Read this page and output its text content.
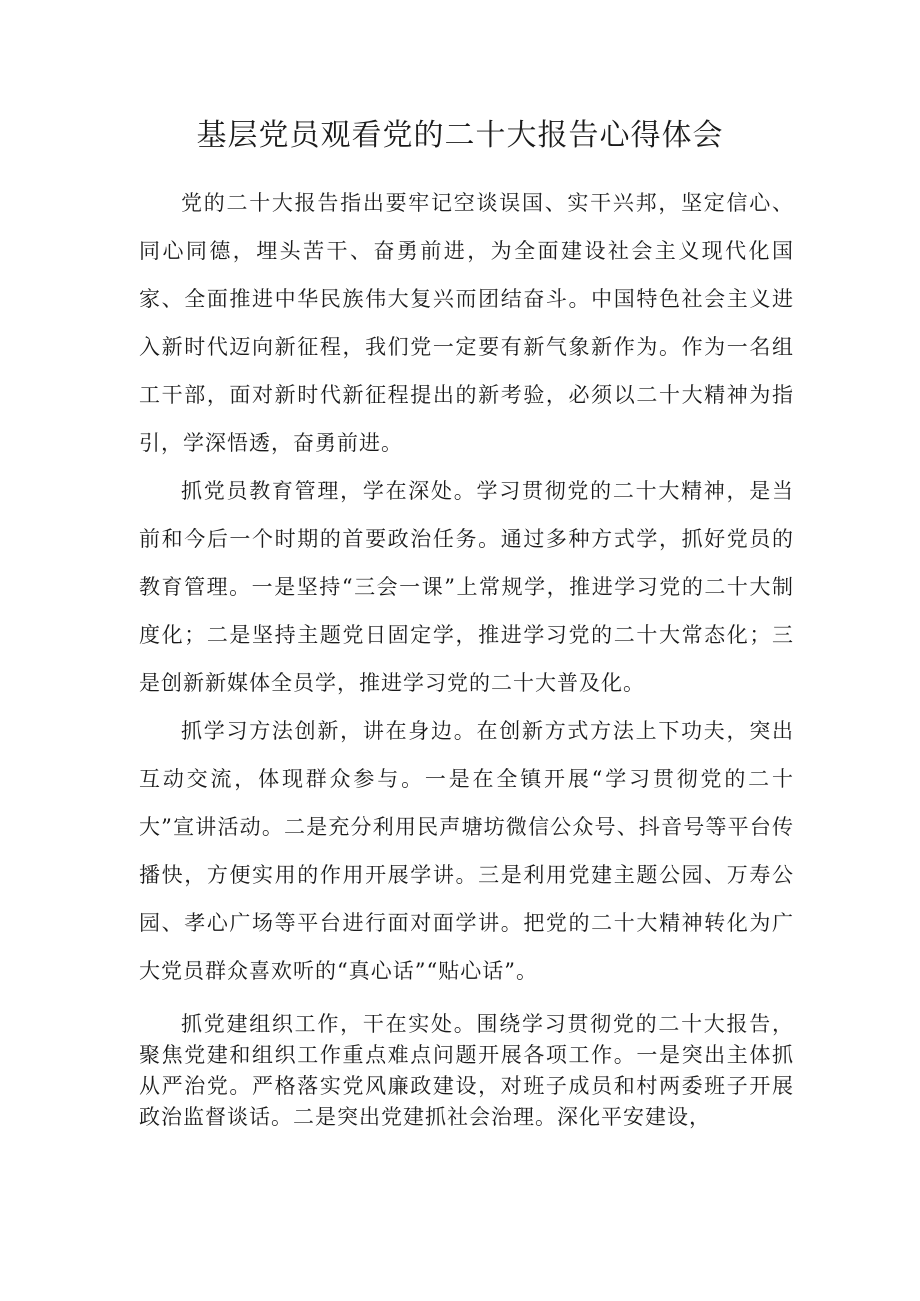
基层党员观看党的二十大报告心得体会

党的二十大报告指出要牢记空谈误国、实干兴邦，坚定信心、同心同德，埋头苦干、奋勇前进，为全面建设社会主义现代化国家、全面推进中华民族伟大复兴而团结奋斗。中国特色社会主义进入新时代迈向新征程，我们党一定要有新气象新作为。作为一名组工干部，面对新时代新征程提出的新考验，必须以二十大精神为指引，学深悟透，奋勇前进。

抓党员教育管理，学在深处。学习贯彻党的二十大精神，是当前和今后一个时期的首要政治任务。通过多种方式学，抓好党员的教育管理。一是坚持“三会一课”上常规学，推进学习党的二十大制度化；二是坚持主题党日固定学，推进学习党的二十大常态化；三是创新新媒体全员学，推进学习党的二十大普及化。

抓学习方法创新，讲在身边。在创新方式方法上下功夫，突出互动交流，体现群众参与。一是在全镇开展“学习贯彻党的二十大”宣讲活动。二是充分利用民声塘坊微信公众号、抖音号等平台传播快，方便实用的作用开展学讲。三是利用党建主题公园、万寿公园、孝心广场等平台进行面对面学讲。把党的二十大精神转化为广大党员群众喜欢听的“真心话”“贴心话”。

抓党建组织工作，干在实处。围绕学习贯彻党的二十大报告，聚焦党建和组织工作重点难点问题开展各项工作。一是突出主体抓从严治党。严格落实党风廉政建设，对班子成员和村两委班子开展政治监督谈话。二是突出党建抓社会治理。深化平安建设，
